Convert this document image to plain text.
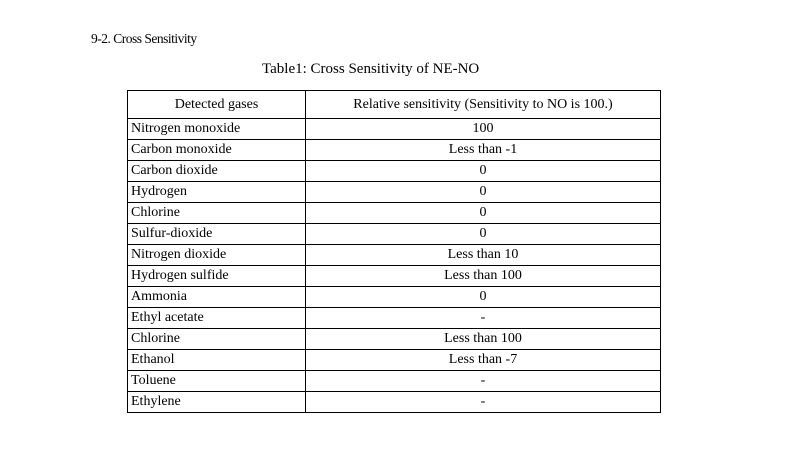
9-2. Cross Sensitivity
Table1: Cross Sensitivity of NE-NO
Detected gases	Relative sensitivity (Sensitivity to NO is 100.)
Nitrogen monoxide	100
Carbon monoxide	Less than -1
Carbon dioxide	0
Hydrogen	0
Chlorine	0
Sulfur-dioxide	0
Nitrogen dioxide	Less than 10
Hydrogen sulfide	Less than 100
Ammonia	0
Ethyl acetate	-
Chlorine	Less than 100
Ethanol	Less than -7
Toluene	-
Ethylene	-
